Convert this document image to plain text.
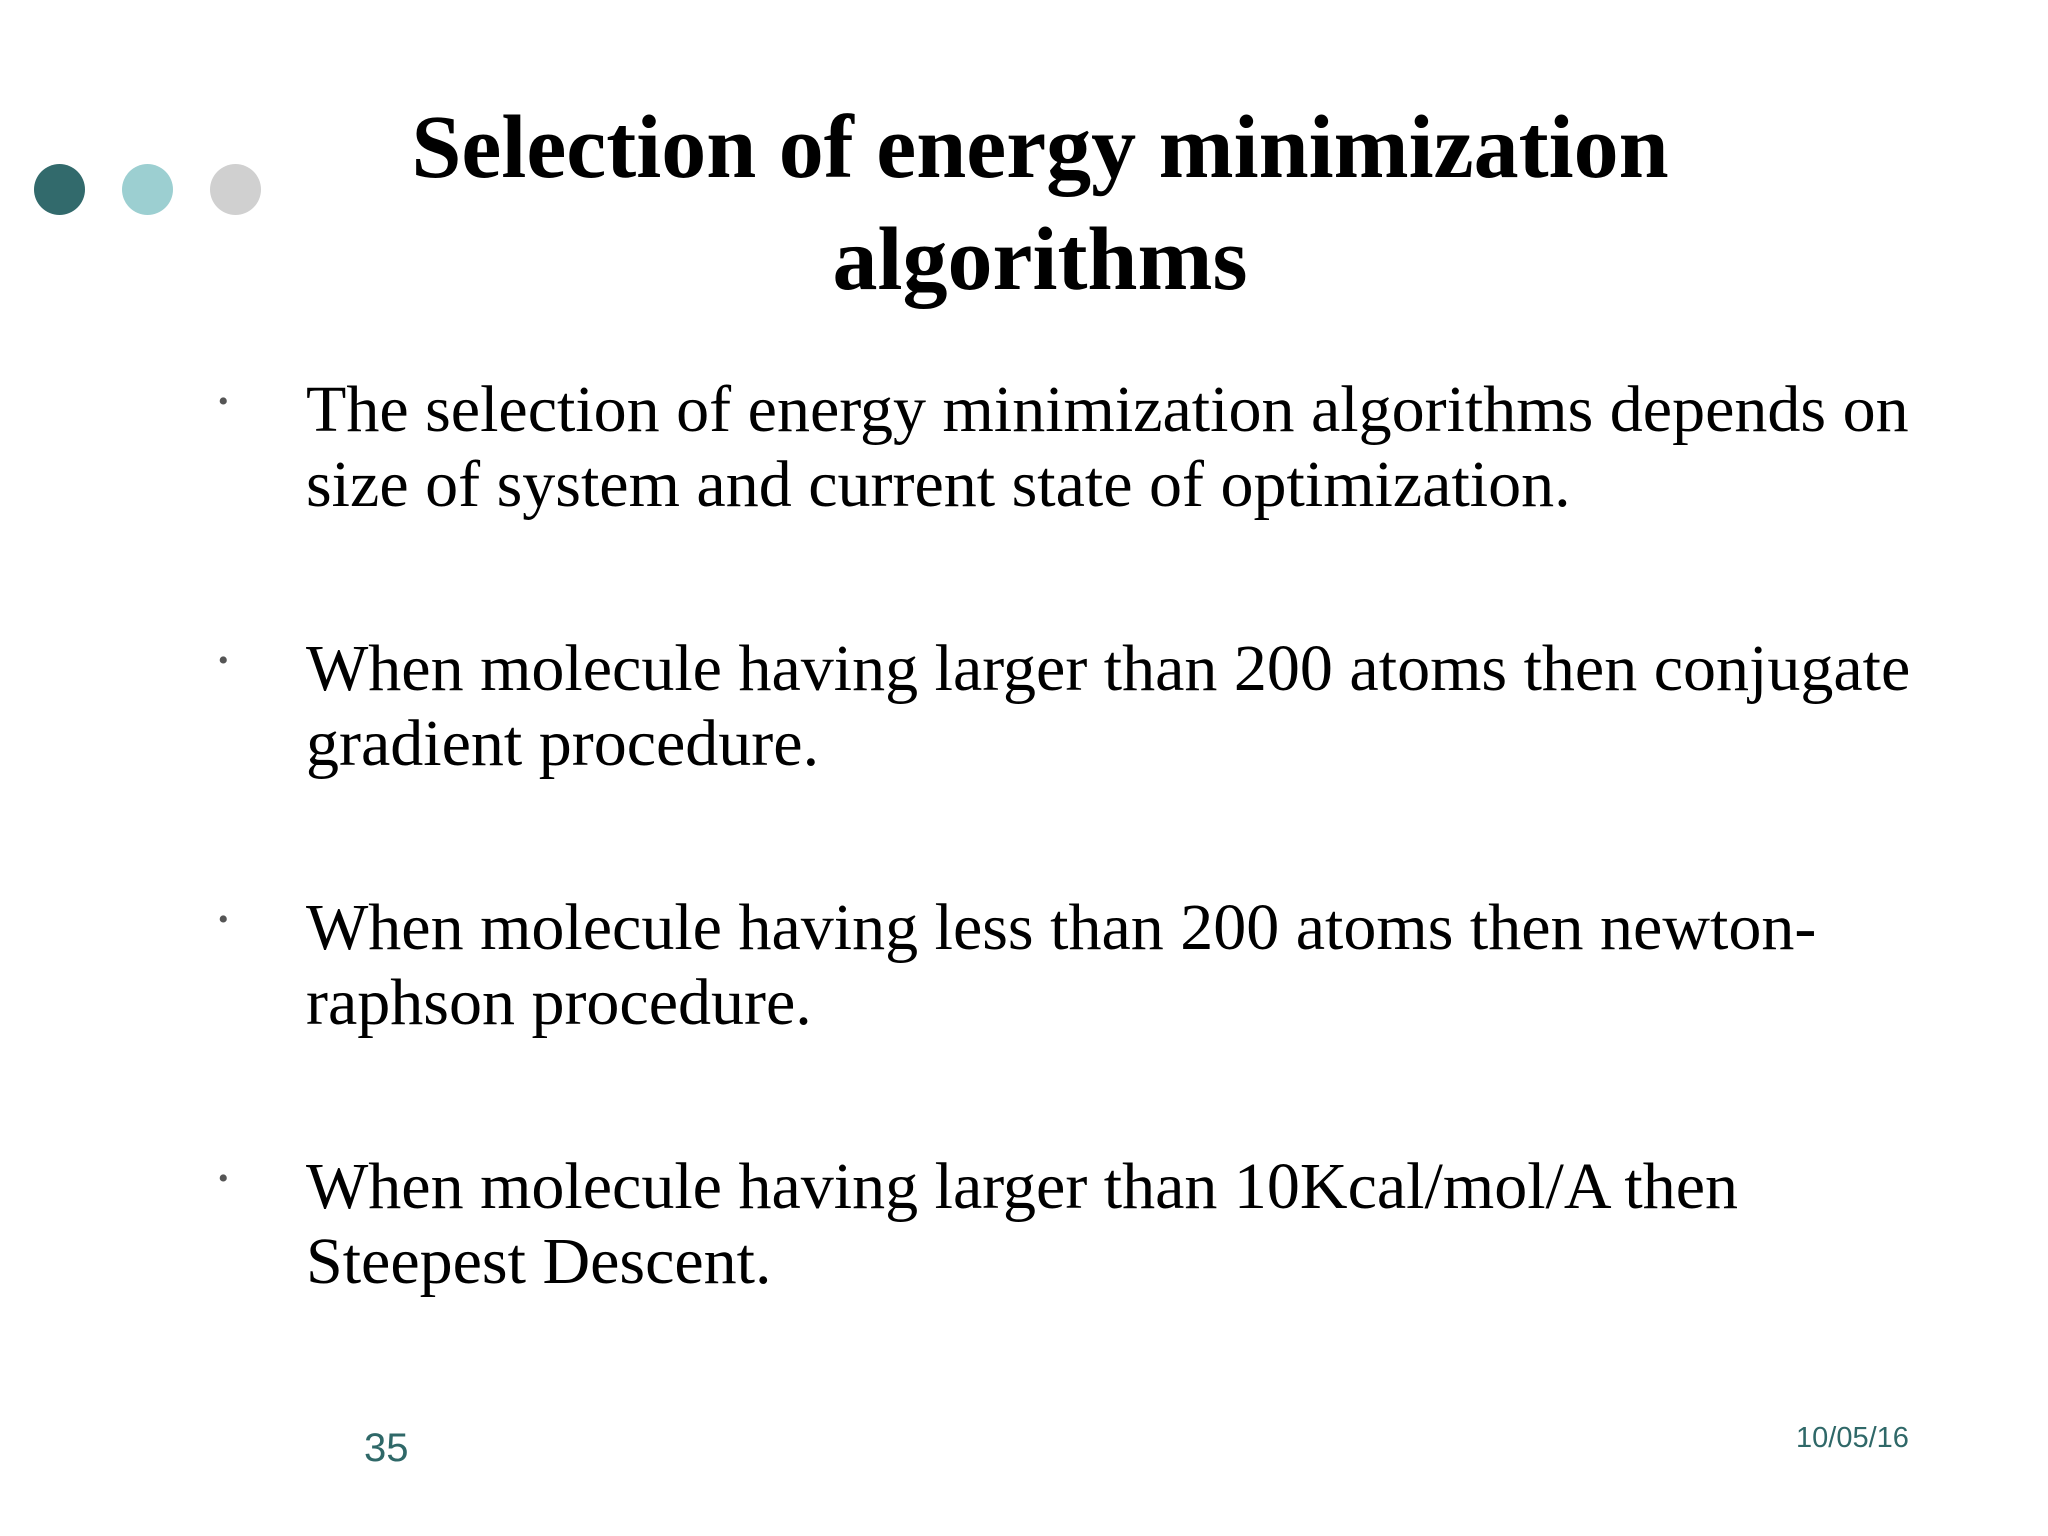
Selection of energy minimization algorithms
• The selection of energy minimization algorithms depends on size of system and current state of optimization.
• When molecule having larger than 200 atoms then conjugate gradient procedure.
• When molecule having less than 200 atoms then newton-raphson procedure.
• When molecule having larger than 10Kcal/mol/A then Steepest Descent.
35	10/05/16
